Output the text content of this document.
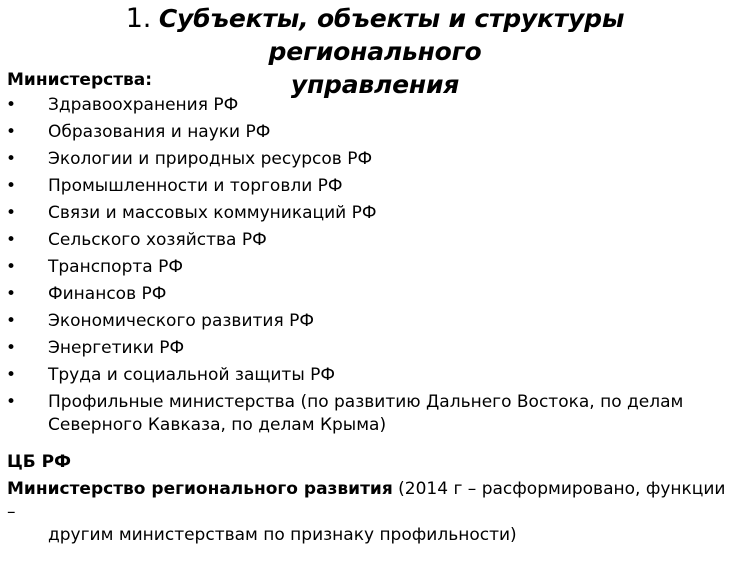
1. Субъекты, объекты и структуры регионального
управления
Министерства:
• Здравоохранения РФ
• Образования и науки РФ
• Экологии и природных ресурсов РФ
• Промышленности и торговли РФ
• Связи и массовых коммуникаций РФ
• Сельского хозяйства РФ
• Транспорта РФ
• Финансов РФ
• Экономического развития РФ
• Энергетики РФ
• Труда и социальной защиты РФ
• Профильные министерства (по развитию Дальнего Востока, по делам
Северного Кавказа, по делам Крыма)
ЦБ РФ
Министерство регионального развития (2014 г – расформировано, функции –
другим министерствам по признаку профильности)
